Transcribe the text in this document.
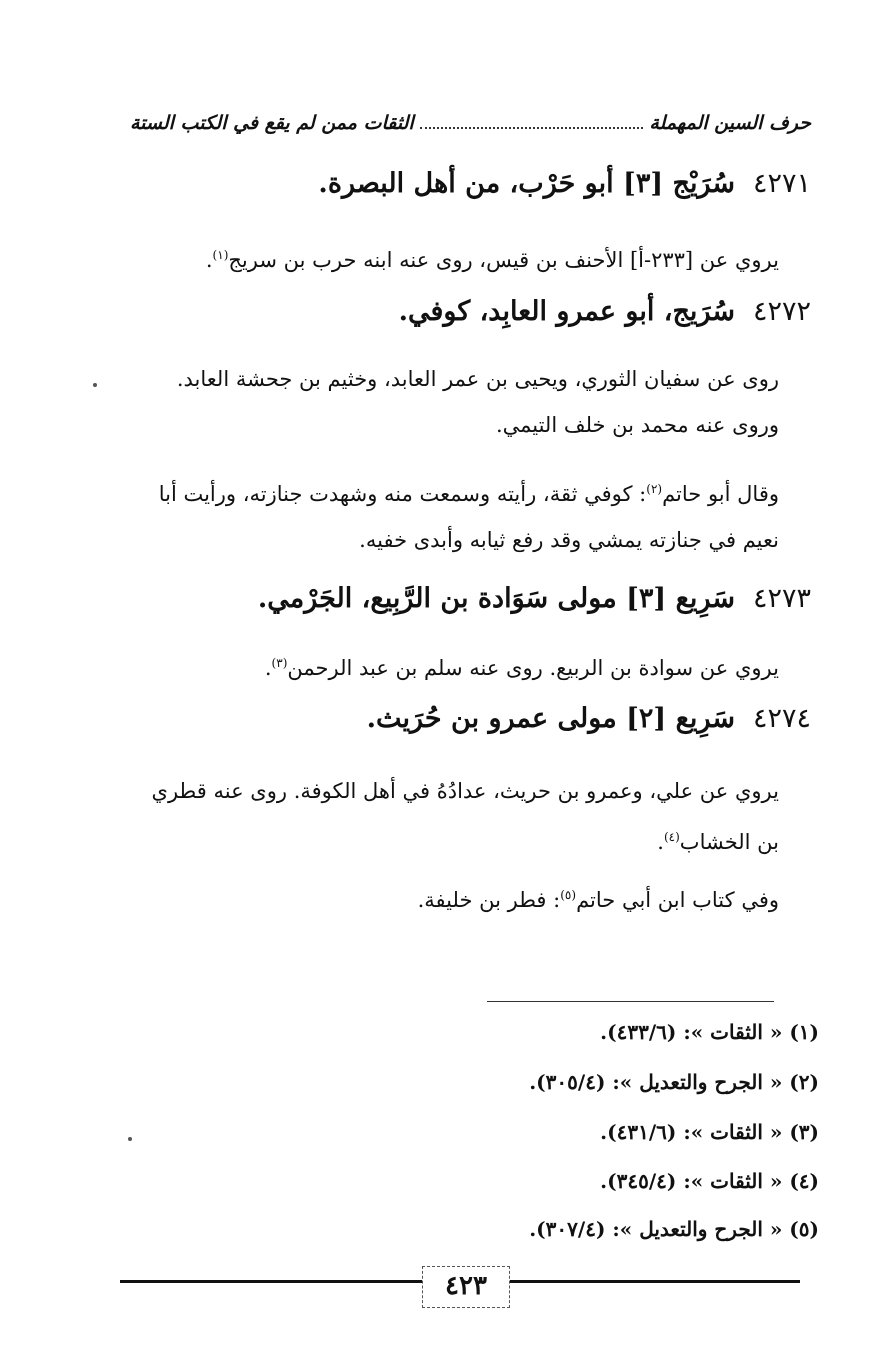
حرف السين المهملة
الثقات ممن لم يقع في الكتب الستة
٤٢٧١سُرَيْج [٣] أبو حَرْب، من أهل البصرة.
يروي عن [٢٣٣-أ] الأحنف بن قيس، روى عنه ابنه حرب بن سريج$^{(١)}$.
٤٢٧٢سُرَيج، أبو عمرو العابِد، كوفي.
روى عن سفيان الثوري، ويحيى بن عمر العابد، وخثيم بن جحشة العابد.
وروى عنه محمد بن خلف التيمي.
وقال أبو حاتم$^{(٢)}$: كوفي ثقة، رأيته وسمعت منه وشهدت جنازته، ورأيت أبا
نعيم في جنازته يمشي وقد رفع ثيابه وأبدى خفيه.
٤٢٧٣سَرِيع [٣] مولى سَوَادة بن الرَّبِيع، الجَرْمي.
يروي عن سوادة بن الربيع. روى عنه سلم بن عبد الرحمن$^{(٣)}$.
٤٢٧٤سَرِيع [٢] مولى عمرو بن حُرَيث.
يروي عن علي، وعمرو بن حريث، عدادُهُ في أهل الكوفة. روى عنه قطري
بن الخشاب$^{(٤)}$.
وفي كتاب ابن أبي حاتم$^{(٥)}$: فطر بن خليفة.
(١) « الثقات »: (٤٣٣/٦).
(٢) « الجرح والتعديل »: (٣٠٥/٤).
(٣) « الثقات »: (٤٣١/٦).
(٤) « الثقات »: (٣٤٥/٤).
(٥) « الجرح والتعديل »: (٣٠٧/٤).
٤٢٣
